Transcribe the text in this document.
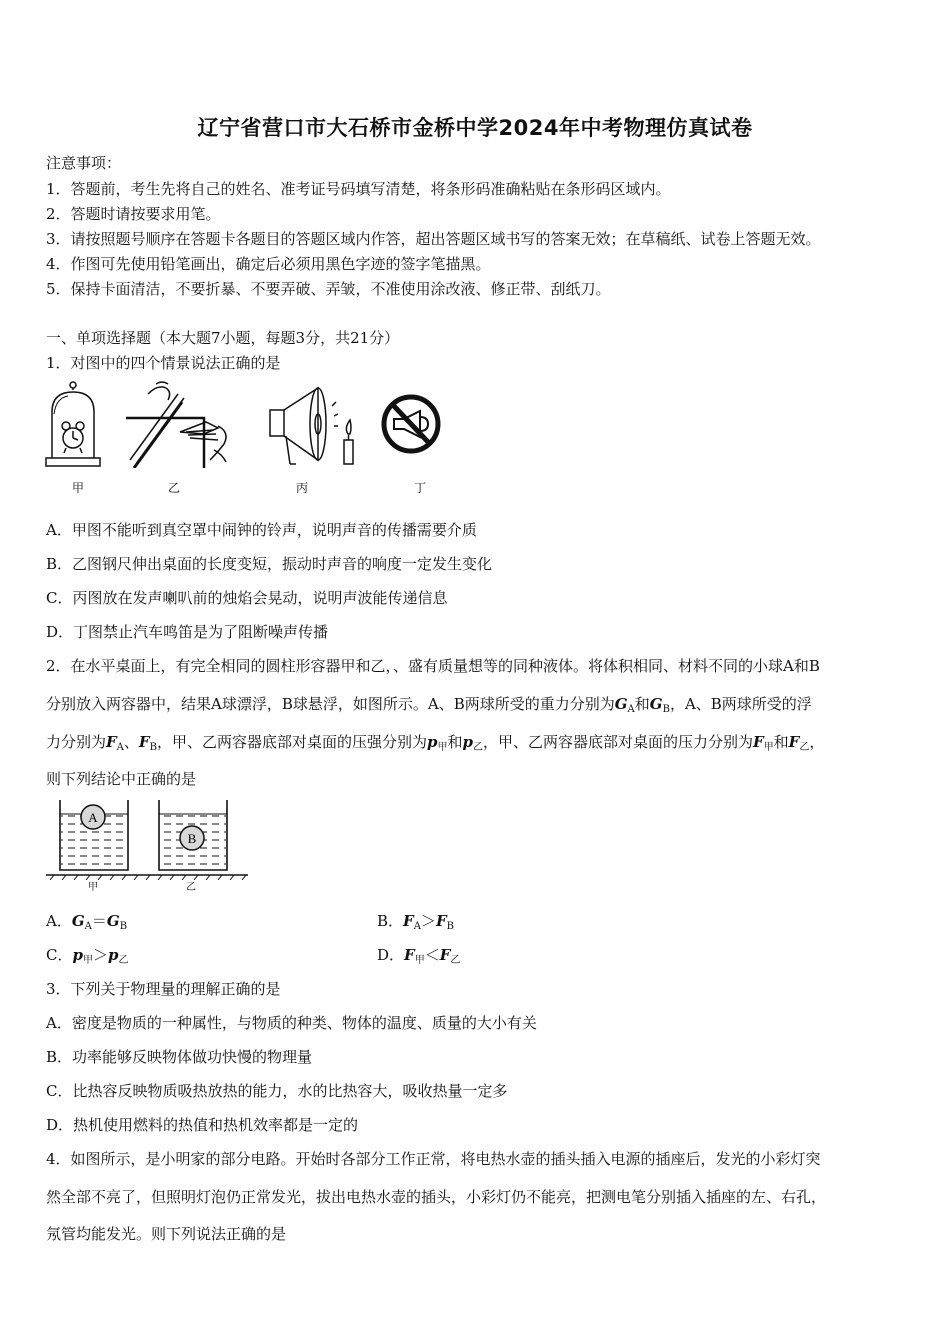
辽宁省营口市大石桥市金桥中学2024年中考物理仿真试卷
注意事项：
1．答题前，考生先将自己的姓名、准考证号码填写清楚，将条形码准确粘贴在条形码区域内。
2．答题时请按要求用笔。
3．请按照题号顺序在答题卡各题目的答题区域内作答，超出答题区域书写的答案无效；在草稿纸、试卷上答题无效。
4．作图可先使用铅笔画出，确定后必须用黑色字迹的签字笔描黑。
5．保持卡面清洁，不要折暴、不要弄破、弄皱，不准使用涂改液、修正带、刮纸刀。
一、单项选择题（本大题7小题，每题3分，共21分）
1．对图中的四个情景说法正确的是
甲	乙	丙	丁
A．甲图不能听到真空罩中闹钟的铃声，说明声音的传播需要介质
B．乙图钢尺伸出桌面的长度变短，振动时声音的响度一定发生变化
C．丙图放在发声喇叭前的烛焰会晃动，说明声波能传递信息
D．丁图禁止汽车鸣笛是为了阻断噪声传播
2．在水平桌面上，有完全相同的圆柱形容器甲和乙，、盛有质量想等的同种液体。将体积相同、材料不同的小球A和B
分别放入两容器中，结果A球漂浮，B球悬浮，如图所示。A、B两球所受的重力分别为$G_A$和$G_B$，A、B两球所受的浮
力分别为$F_A$、$F_B$，甲、乙两容器底部对桌面的压强分别为$p_甲$和$p_乙$，甲、乙两容器底部对桌面的压力分别为$F_甲$和$F_乙$，
则下列结论中正确的是
A
B
甲	乙
A．$G_A=G_B$	B．$F_A>F_B$
C．$p_甲>p_乙$	D．$F_甲<F_乙$
3．下列关于物理量的理解正确的是
A．密度是物质的一种属性，与物质的种类、物体的温度、质量的大小有关
B．功率能够反映物体做功快慢的物理量
C．比热容反映物质吸热放热的能力，水的比热容大，吸收热量一定多
D．热机使用燃料的热值和热机效率都是一定的
4．如图所示，是小明家的部分电路。开始时各部分工作正常，将电热水壶的插头插入电源的插座后，发光的小彩灯突
然全部不亮了，但照明灯泡仍正常发光，拔出电热水壶的插头，小彩灯仍不能亮，把测电笔分别插入插座的左、右孔，
氖管均能发光。则下列说法正确的是
